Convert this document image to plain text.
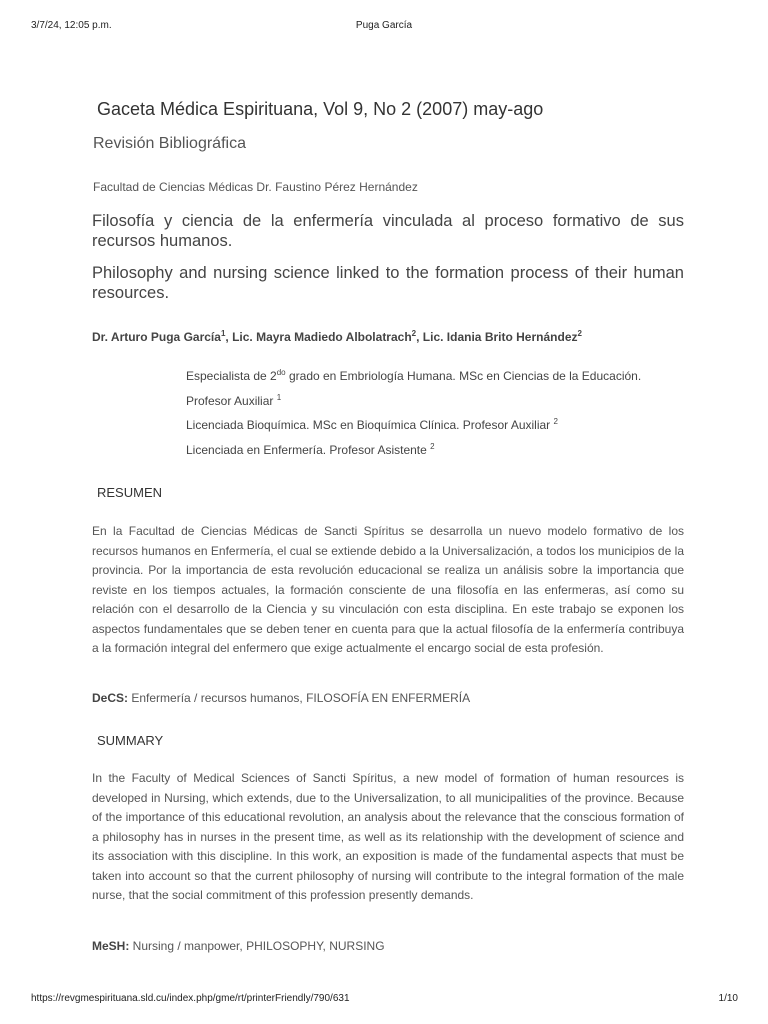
3/7/24, 12:05 p.m.	Puga García
Gaceta Médica Espirituana, Vol 9, No 2 (2007) may-ago
Revisión Bibliográfica
Facultad de Ciencias Médicas Dr. Faustino Pérez Hernández
Filosofía y ciencia de la enfermería vinculada al proceso formativo de sus recursos humanos.
Philosophy and nursing science linked to the formation process of their human resources.
Dr. Arturo Puga García$^1$, Lic. Mayra Madiedo Albolatrach$^2$, Lic. Idania Brito Hernández$^2$
Especialista de $2^{do}$ grado en Embriología Humana. MSc en Ciencias de la Educación.
Profesor Auxiliar $^1$
Licenciada Bioquímica. MSc en Bioquímica Clínica. Profesor Auxiliar $^2$
Licenciada en Enfermería. Profesor Asistente $^2$
RESUMEN
En la Facultad de Ciencias Médicas de Sancti Spíritus se desarrolla un nuevo modelo formativo de los recursos humanos en Enfermería, el cual se extiende debido a la Universalización, a todos los municipios de la provincia. Por la importancia de esta revolución educacional se realiza un análisis sobre la importancia que reviste en los tiempos actuales, la formación consciente de una filosofía en las enfermeras, así como su relación con el desarrollo de la Ciencia y su vinculación con esta disciplina. En este trabajo se exponen los aspectos fundamentales que se deben tener en cuenta para que la actual filosofía de la enfermería contribuya a la formación integral del enfermero que exige actualmente el encargo social de esta profesión.
DeCS: Enfermería / recursos humanos, FILOSOFÍA EN ENFERMERÍA
SUMMARY
In the Faculty of Medical Sciences of Sancti Spíritus, a new model of formation of human resources is developed in Nursing, which extends, due to the Universalization, to all municipalities of the province. Because of the importance of this educational revolution, an analysis about the relevance that the conscious formation of a philosophy has in nurses in the present time, as well as its relationship with the development of science and its association with this discipline. In this work, an exposition is made of the fundamental aspects that must be taken into account so that the current philosophy of nursing will contribute to the integral formation of the male nurse, that the social commitment of this profession presently demands.
MeSH: Nursing / manpower, PHILOSOPHY, NURSING
https://revgmespirituana.sld.cu/index.php/gme/rt/printerFriendly/790/631	1/10
